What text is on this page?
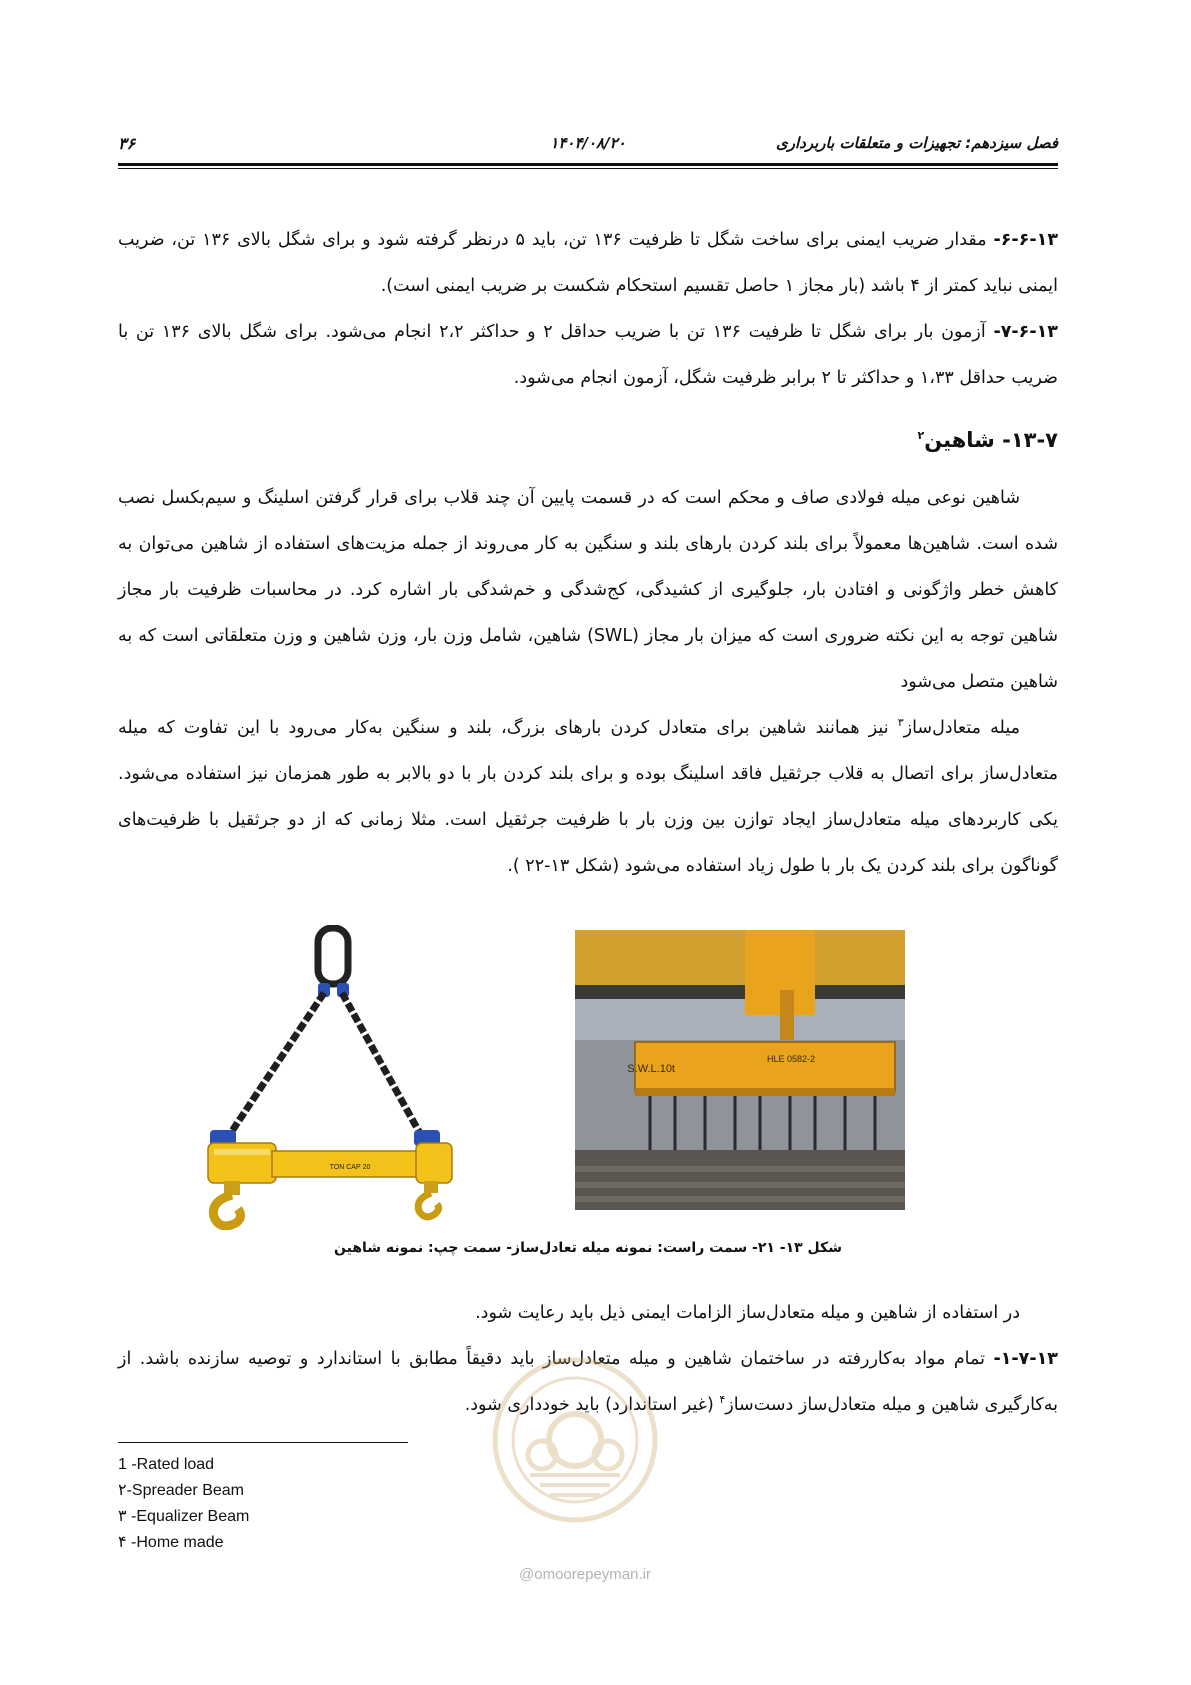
فصل سیزدهم: تجهیزات و متعلقات باربرداری
۱۴۰۴/۰۸/۲۰
۳۶

۶-۶-۱۳- مقدار ضریب ایمنی برای ساخت شگل تا ظرفیت ۱۳۶ تن، باید ۵ درنظر گرفته شود و برای شگل بالای ۱۳۶ تن، ضریب ایمنی نباید کمتر از ۴ باشد (بار مجاز ۱ حاصل تقسیم استحکام شکست بر ضریب ایمنی است).

۷-۶-۱۳- آزمون بار برای شگل تا ظرفیت ۱۳۶ تن با ضریب حداقل ۲ و حداکثر ۲،۲ انجام می‌شود. برای شگل بالای ۱۳۶ تن با ضریب حداقل ۱،۳۳ و حداکثر تا ۲ برابر ظرفیت شگل، آزمون انجام می‌شود.

۱۳-۷- شاهین$^۲$

شاهین نوعی میله فولادی صاف و محکم است که در قسمت پایین آن چند قلاب برای قرار گرفتن اسلینگ و سیم‌بکسل نصب شده است. شاهین‌ها معمولاً برای بلند کردن بارهای بلند و سنگین به کار می‌روند از جمله مزیت‌های استفاده از شاهین می‌توان به کاهش خطر واژگونی و افتادن بار، جلوگیری از کشیدگی، کج‌شدگی و خم‌شدگی بار اشاره کرد. در محاسبات ظرفیت بار مجاز شاهین توجه به این نکته ضروری است که میزان بار مجاز (SWL) شاهین، شامل وزن بار، وزن شاهین و وزن متعلقاتی است که به شاهین متصل می‌شود

میله متعادل‌ساز$^۳$ نیز همانند شاهین برای متعادل کردن بارهای بزرگ، بلند و سنگین به‌کار می‌رود با این تفاوت که میله متعادل‌ساز برای اتصال به قلاب جرثقیل فاقد اسلینگ بوده و برای بلند کردن بار با دو بالابر به طور همزمان نیز استفاده می‌شود. یکی کاربردهای میله متعادل‌ساز ایجاد توازن بین وزن بار با ظرفیت جرثقیل است. مثلا زمانی که از دو جرثقیل با ظرفیت‌های گوناگون برای بلند کردن یک بار با طول زیاد استفاده می‌شود (شکل ۱۳-۲۲ ).

20 TON CAP
S.W.L.10t
HLE 0582-2
شکل ۱۳- ۲۱- سمت راست: نمونه میله تعادل‌ساز- سمت چپ: نمونه شاهین

در استفاده از شاهین و میله متعادل‌ساز الزامات ایمنی ذیل باید رعایت شود.

۱-۷-۱۳- تمام مواد به‌کاررفته در ساختمان شاهین و میله متعادل‌ساز باید دقیقاً مطابق با استاندارد و توصیه سازنده باشد. از به‌کارگیری شاهین و میله متعادل‌ساز دست‌ساز$^۴$ (غیر استاندارد) باید خودداری شود.

@omoorepeyman.ir
1 -Rated load
۲-Spreader Beam
۳ -Equalizer Beam
۴ -Home made
